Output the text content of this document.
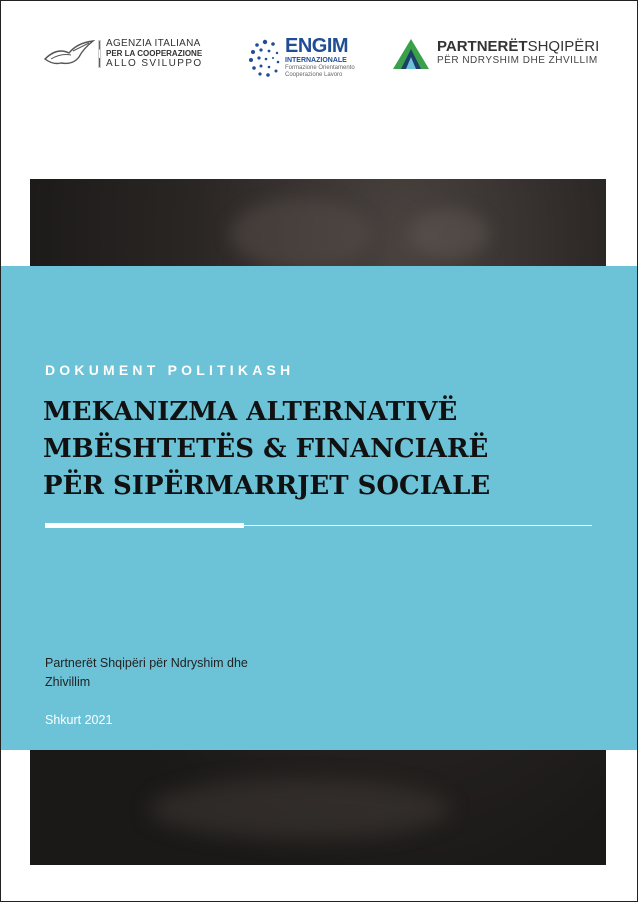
AGENZIA ITALIANA
PER LA COOPERAZIONE
ALLO SVILUPPO
ENGIM
INTERNAZIONALE
Formazione Orientamento
Cooperazione Lavoro
PARTNERËTSHQIPËRI
PËR NDRYSHIM DHE ZHVILLIM
DOKUMENT POLITIKASH
MEKANIZMA ALTERNATIVË
MBËSHTETËS & FINANCIARË
PËR SIPËRMARRJET SOCIALE
Partnerët Shqipëri për Ndryshim dhe
Zhivillim
Shkurt 2021
